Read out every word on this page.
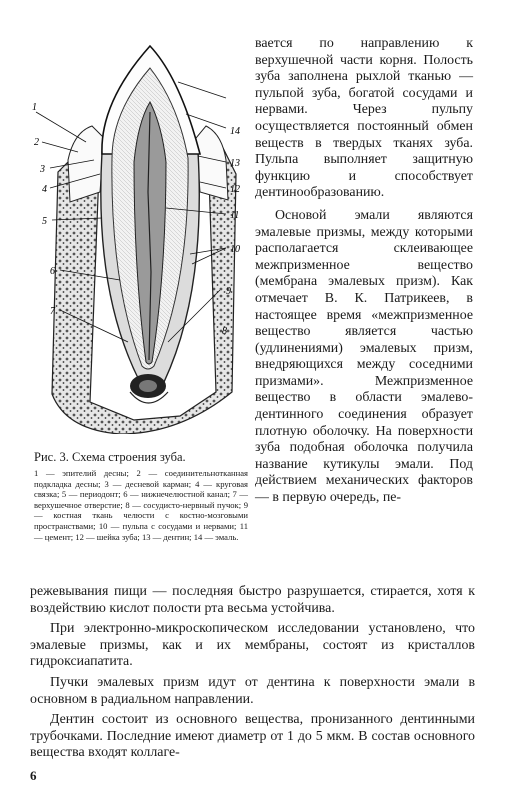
1
2
3
4
5
6
7
8
9
10
11
12
13
14

Рис. 3. Схема строения зуба.

1 — эпителий десны; 2 — соединительнотканная подкладка десны; 3 — десневой карман; 4 — круговая связка; 5 — периодонт; 6 — нижнечелюстной канал; 7 — верхушечное отверстие; 8 — сосудисто-нервный пучок; 9 — костная ткань челюсти с костно-мозговыми пространствами; 10 — пульпа с сосудами и нервами; 11 — цемент; 12 — шейка зуба; 13 — дентин; 14 — эмаль.

вается по направлению к верхушечной части корня. Полость зуба заполнена рыхлой тканью — пульпой зуба, богатой сосудами и нервами. Через пульпу осуществляется постоянный обмен веществ в твердых тканях зуба. Пульпа выполняет защитную функцию и способствует дентинообразованию.

Основой эмали являются эмалевые призмы, между которыми располагается склеивающее межпризменное вещество (мембрана эмалевых призм). Как отмечает В. К. Патрикеев, в настоящее время «межпризменное вещество является частью (удлинениями) эмалевых призм, внедряющихся между соседними призмами». Межпризменное вещество в области эмалево-дентинного соединения образует плотную оболочку. На поверхности зуба подобная оболочка получила название кутикулы эмали. Под действием механических факторов — в первую очередь, пе-

режевывания пищи — последняя быстро разрушается, стирается, хотя к воздействию кислот полости рта весьма устойчива.

При электронно-микроскопическом исследовании установлено, что эмалевые призмы, как и их мембраны, состоят из кристаллов гидроксиапатита.

Пучки эмалевых призм идут от дентина к поверхности эмали в основном в радиальном направлении.

Дентин состоит из основного вещества, пронизанного дентинными трубочками. Последние имеют диаметр от 1 до 5 мкм. В состав основного вещества входят коллаге-

6
